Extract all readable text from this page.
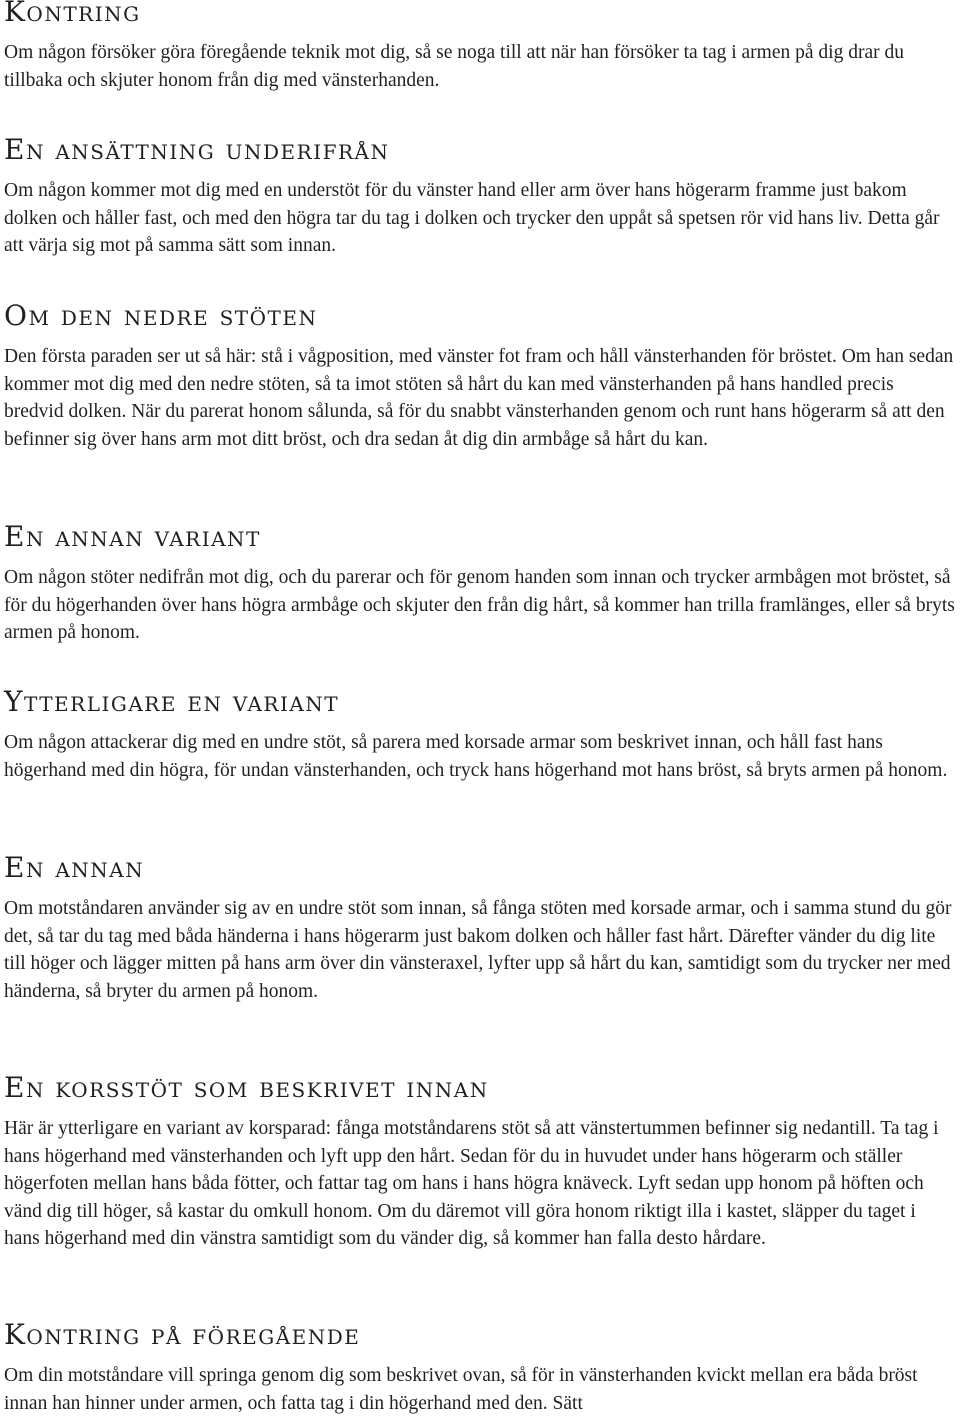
Kontring

Om någon försöker göra föregående teknik mot dig, så se noga till att när han försöker ta tag i armen på dig drar du tillbaka och skjuter honom från dig med vänsterhanden.

En ansättning underifrån

Om någon kommer mot dig med en understöt för du vänster hand eller arm över hans högerarm framme just bakom dolken och håller fast, och med den högra tar du tag i dolken och trycker den uppåt så spetsen rör vid hans liv. Detta går att värja sig mot på samma sätt som innan.

Om den nedre stöten

Den första paraden ser ut så här: stå i vågposition, med vänster fot fram och håll vänsterhanden för bröstet. Om han sedan kommer mot dig med den nedre stöten, så ta imot stöten så hårt du kan med vänsterhanden på hans handled precis bredvid dolken. När du parerat honom sålunda, så för du snabbt vänsterhanden genom och runt hans högerarm så att den befinner sig över hans arm mot ditt bröst, och dra sedan åt dig din armbåge så hårt du kan.

En annan variant

Om någon stöter nedifrån mot dig, och du parerar och för genom handen som innan och trycker armbågen mot bröstet, så för du högerhanden över hans högra armbåge och skjuter den från dig hårt, så kommer han trilla framlänges, eller så bryts armen på honom.

Ytterligare en variant

Om någon attackerar dig med en undre stöt, så parera med korsade armar som beskrivet innan, och håll fast hans högerhand med din högra, för undan vänsterhanden, och tryck hans högerhand mot hans bröst, så bryts armen på honom.

En annan

Om motståndaren använder sig av en undre stöt som innan, så fånga stöten med korsade armar, och i samma stund du gör det, så tar du tag med båda händerna i hans högerarm just bakom dolken och håller fast hårt. Därefter vänder du dig lite till höger och lägger mitten på hans arm över din vänsteraxel, lyfter upp så hårt du kan, samtidigt som du trycker ner med händerna, så bryter du armen på honom.

En korsstöt som beskrivet innan

Här är ytterligare en variant av korsparad: fånga motståndarens stöt så att vänstertummen befinner sig nedantill. Ta tag i hans högerhand med vänsterhanden och lyft upp den hårt. Sedan för du in huvudet under hans högerarm och ställer högerfoten mellan hans båda fötter, och fattar tag om hans i hans högra knäveck. Lyft sedan upp honom på höften och vänd dig till höger, så kastar du omkull honom. Om du däremot vill göra honom riktigt illa i kastet, släpper du taget i hans högerhand med din vänstra samtidigt som du vänder dig, så kommer han falla desto hårdare.

Kontring på föregående

Om din motståndare vill springa genom dig som beskrivet ovan, så för in vänsterhanden kvickt mellan era båda bröst innan han hinner under armen, och fatta tag i din högerhand med den. Sätt
